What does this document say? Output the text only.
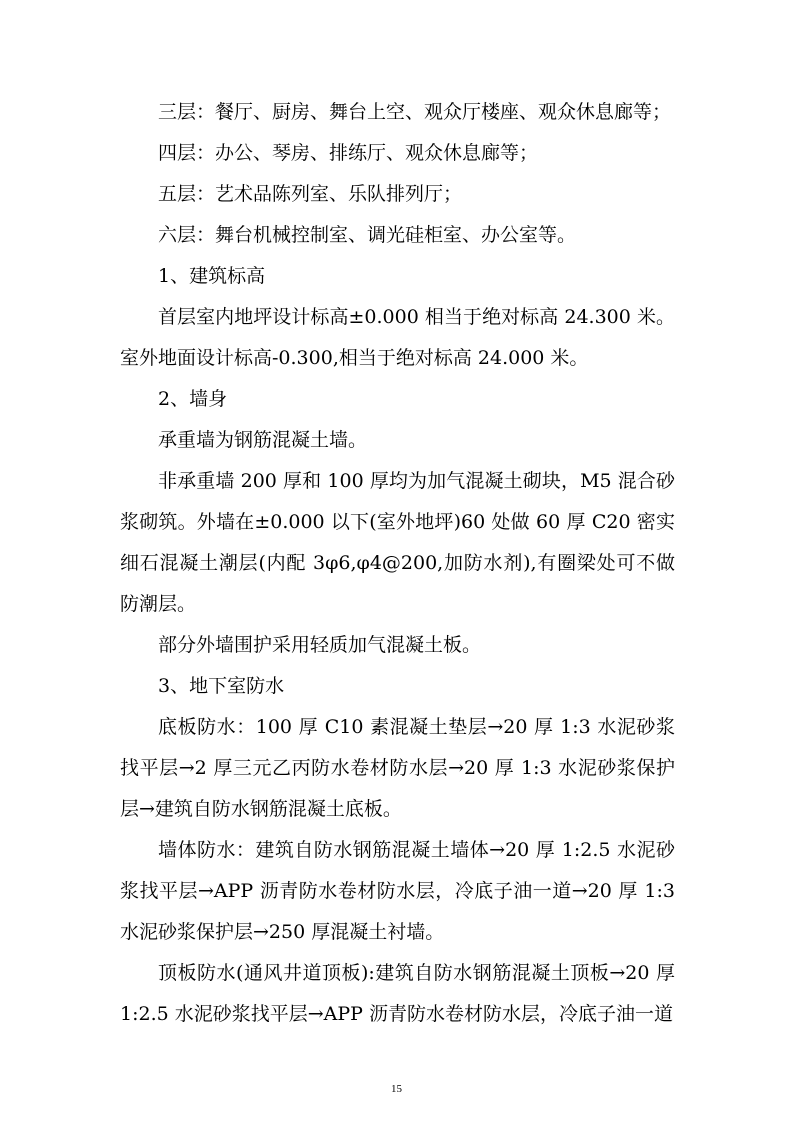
三层：餐厅、厨房、舞台上空、观众厅楼座、观众休息廊等；

四层：办公、琴房、排练厅、观众休息廊等；

五层：艺术品陈列室、乐队排列厅；

六层：舞台机械控制室、调光硅柜室、办公室等。

1、建筑标高

首层室内地坪设计标高±0.000 相当于绝对标高 24.300 米。室外地面设计标高-0.300,相当于绝对标高 24.000 米。

2、墙身

承重墙为钢筋混凝土墙。

非承重墙 200 厚和 100 厚均为加气混凝土砌块，M5 混合砂浆砌筑。外墙在±0.000 以下(室外地坪)60 处做 60 厚 C20 密实细石混凝土潮层(内配 3φ6,φ4@200,加防水剂),有圈梁处可不做防潮层。

部分外墙围护采用轻质加气混凝土板。

3、地下室防水

底板防水：100 厚 C10 素混凝土垫层→20 厚 1:3 水泥砂浆找平层→2 厚三元乙丙防水卷材防水层→20 厚 1:3 水泥砂浆保护层→建筑自防水钢筋混凝土底板。

墙体防水：建筑自防水钢筋混凝土墙体→20 厚 1:2.5 水泥砂浆找平层→APP 沥青防水卷材防水层，冷底子油一道→20 厚 1:3 水泥砂浆保护层→250 厚混凝土衬墙。

顶板防水(通风井道顶板):建筑自防水钢筋混凝土顶板→20 厚 1:2.5 水泥砂浆找平层→APP 沥青防水卷材防水层，冷底子油一道

15
